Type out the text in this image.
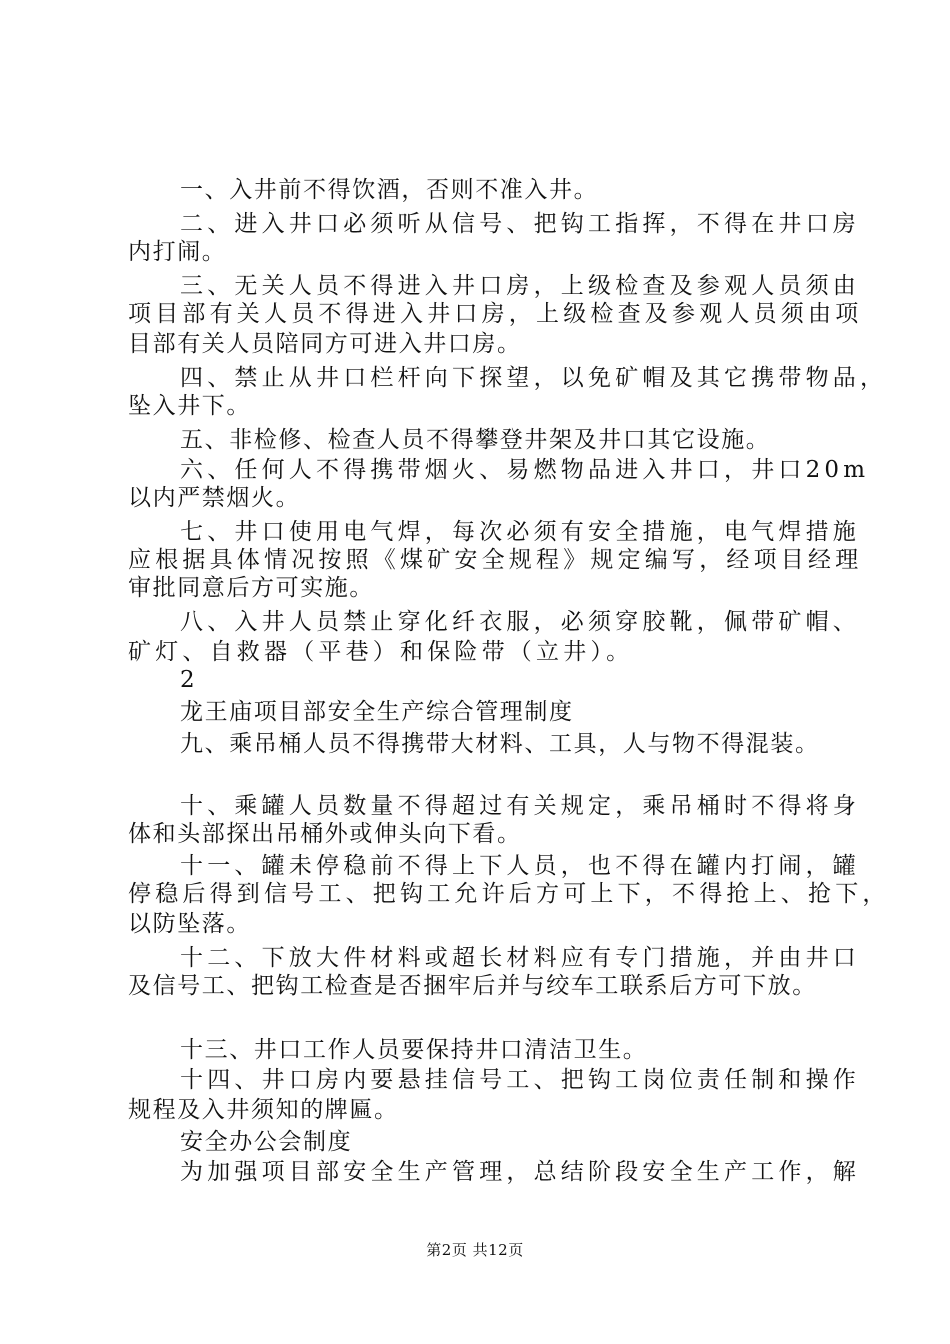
一、入井前不得饮酒，否则不准入井。
二、进入井口必须听从信号、把钩工指挥，不得在井口房
内打闹。
三、无关人员不得进入井口房，上级检查及参观人员须由
项目部有关人员不得进入井口房，上级检查及参观人员须由项
目部有关人员陪同方可进入井口房。
四、禁止从井口栏杆向下探望，以免矿帽及其它携带物品，
坠入井下。
五、非检修、检查人员不得攀登井架及井口其它设施。
六、任何人不得携带烟火、易燃物品进入井口，井口20m
以内严禁烟火。
七、井口使用电气焊，每次必须有安全措施，电气焊措施
应根据具体情况按照《煤矿安全规程》规定编写，经项目经理
审批同意后方可实施。
八、入井人员禁止穿化纤衣服，必须穿胶靴，佩带矿帽、
矿灯、自救器（平巷）和保险带（立井）。
2
龙王庙项目部安全生产综合管理制度
九、乘吊桶人员不得携带大材料、工具，人与物不得混装。
十、乘罐人员数量不得超过有关规定，乘吊桶时不得将身
体和头部探出吊桶外或伸头向下看。
十一、罐未停稳前不得上下人员，也不得在罐内打闹，罐
停稳后得到信号工、把钩工允许后方可上下，不得抢上、抢下，
以防坠落。
十二、下放大件材料或超长材料应有专门措施，并由井口
及信号工、把钩工检查是否捆牢后并与绞车工联系后方可下放。
十三、井口工作人员要保持井口清洁卫生。
十四、井口房内要悬挂信号工、把钩工岗位责任制和操作
规程及入井须知的牌匾。
安全办公会制度
为加强项目部安全生产管理，总结阶段安全生产工作，解
第2页 共12页
